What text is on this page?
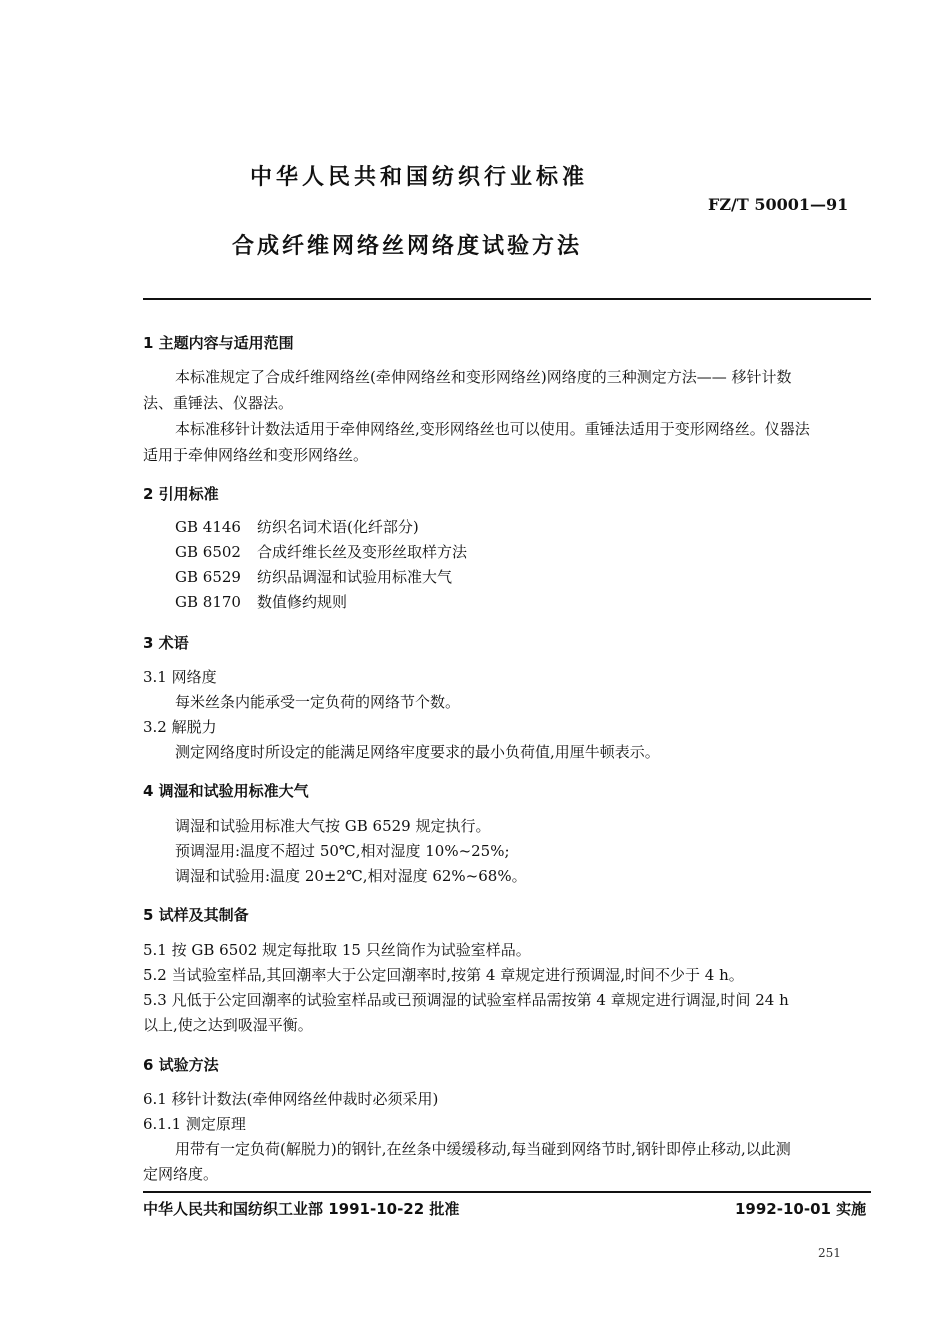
中华人民共和国纺织行业标准
FZ/T 50001—91
合成纤维网络丝网络度试验方法
1 主题内容与适用范围
本标准规定了合成纤维网络丝(牵伸网络丝和变形网络丝)网络度的三种测定方法—— 移针计数
法、重锤法、仪器法。
本标准移针计数法适用于牵伸网络丝,变形网络丝也可以使用。重锤法适用于变形网络丝。仪器法
适用于牵伸网络丝和变形网络丝。
2 引用标准
GB 4146 纺织名词术语(化纤部分)
GB 6502 合成纤维长丝及变形丝取样方法
GB 6529 纺织品调湿和试验用标准大气
GB 8170 数值修约规则
3 术语
3.1 网络度
每米丝条内能承受一定负荷的网络节个数。
3.2 解脱力
测定网络度时所设定的能满足网络牢度要求的最小负荷值,用厘牛顿表示。
4 调湿和试验用标准大气
调湿和试验用标准大气按 GB 6529 规定执行。
预调湿用:温度不超过 50℃,相对湿度 10%~25%;
调湿和试验用:温度 20±2℃,相对湿度 62%~68%。
5 试样及其制备
5.1 按 GB 6502 规定每批取 15 只丝筒作为试验室样品。
5.2 当试验室样品,其回潮率大于公定回潮率时,按第 4 章规定进行预调湿,时间不少于 4 h。
5.3 凡低于公定回潮率的试验室样品或已预调湿的试验室样品需按第 4 章规定进行调湿,时间 24 h
以上,使之达到吸湿平衡。
6 试验方法
6.1 移针计数法(牵伸网络丝仲裁时必须采用)
6.1.1 测定原理
用带有一定负荷(解脱力)的钢针,在丝条中缓缓移动,每当碰到网络节时,钢针即停止移动,以此测
定网络度。
中华人民共和国纺织工业部 1991-10-22 批准	1992-10-01 实施
251
